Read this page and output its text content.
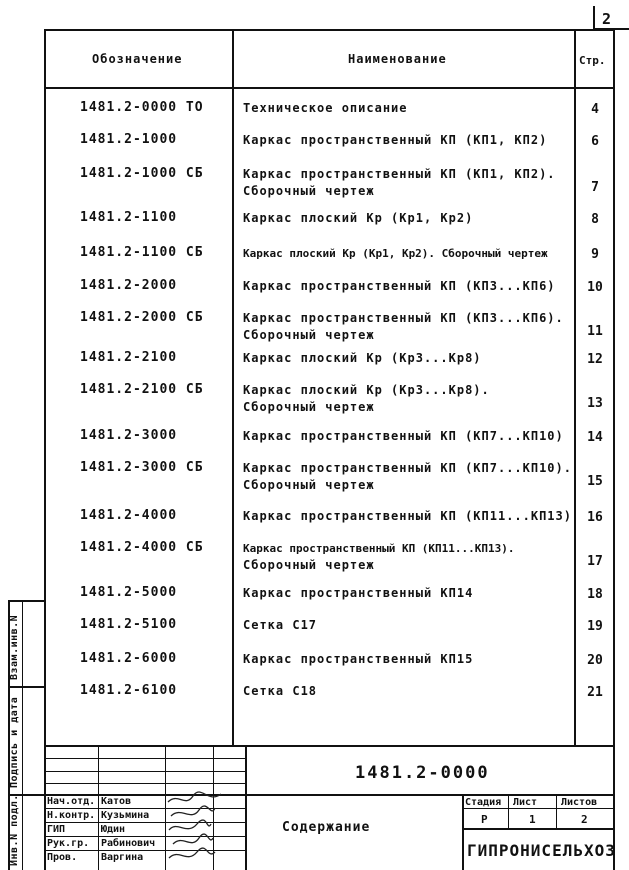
2
Обозначение	Наименование	Стр.
1481.2-0000 ТО	Техническое описание	4
1481.2-1000	Каркас пространственный КП (КП1, КП2)	6
1481.2-1000 СБ	Каркас пространственный КП (КП1, КП2).
Сборочный чертеж	7
1481.2-1100	Каркас плоский Кр (Кр1, Кр2)	8
1481.2-1100 СБ	Каркас плоский Кр (Кр1, Кр2). Сборочный чертеж	9
1481.2-2000	Каркас пространственный КП (КП3...КП6)	10
1481.2-2000 СБ	Каркас пространственный КП (КП3...КП6).
Сборочный чертеж	11
1481.2-2100	Каркас плоский Кр (Кр3...Кр8)	12
1481.2-2100 СБ	Каркас плоский Кр (Кр3...Кр8).
Сборочный чертеж	13
1481.2-3000	Каркас пространственный КП (КП7...КП10)	14
1481.2-3000 СБ	Каркас пространственный КП (КП7...КП10).
Сборочный чертеж	15
1481.2-4000	Каркас пространственный КП (КП11...КП13)	16
1481.2-4000 СБ	Каркас пространственный КП (КП11...КП13).
Сборочный чертеж	17
1481.2-5000	Каркас пространственный КП14	18
1481.2-5100	Сетка С17	19
1481.2-6000	Каркас пространственный КП15	20
1481.2-6100	Сетка С18	21
Взам.инв.N
Подпись и дата
Инв.N подл.
1481.2-0000
Содержание
Стадия Лист Листов
Р	1	2
ГИПРОНИСЕЛЬХОЗ
Нач.отд. Катов
Н.контр. Кузьмина
ГИП	Юдин
Рук.гр. Рабинович
Пров. Варгина
